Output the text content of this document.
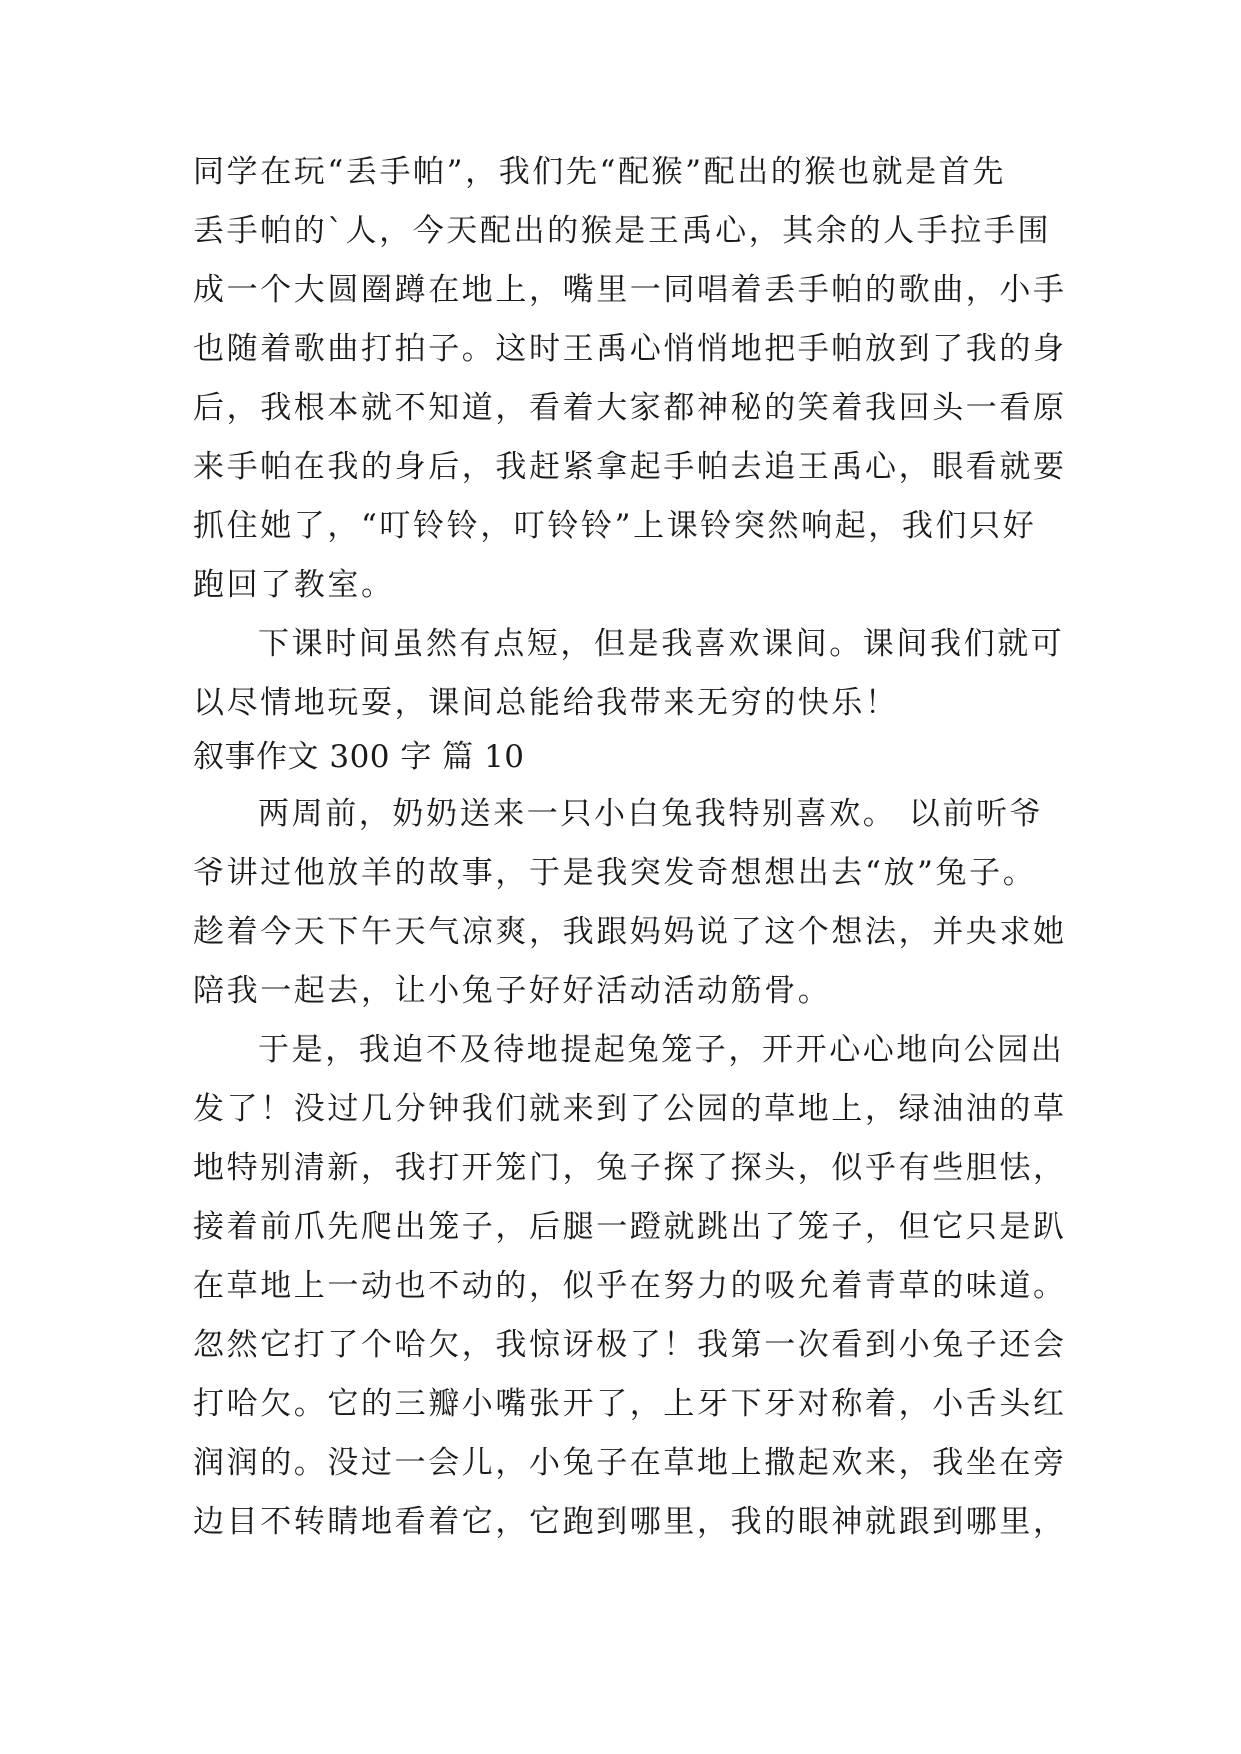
同学在玩“丢手帕”，我们先“配猴”配出的猴也就是首先
丢手帕的`人，今天配出的猴是王禹心，其余的人手拉手围
成一个大圆圈蹲在地上，嘴里一同唱着丢手帕的歌曲，小手
也随着歌曲打拍子。这时王禹心悄悄地把手帕放到了我的身
后，我根本就不知道，看着大家都神秘的笑着我回头一看原
来手帕在我的身后，我赶紧拿起手帕去追王禹心，眼看就要
抓住她了，“叮铃铃，叮铃铃”上课铃突然响起，我们只好
跑回了教室。
下课时间虽然有点短，但是我喜欢课间。课间我们就可
以尽情地玩耍，课间总能给我带来无穷的快乐！
叙事作文 300 字 篇 10
两周前，奶奶送来一只小白兔我特别喜欢。 以前听爷
爷讲过他放羊的故事，于是我突发奇想想出去“放”兔子。
趁着今天下午天气凉爽，我跟妈妈说了这个想法，并央求她
陪我一起去，让小兔子好好活动活动筋骨。
于是，我迫不及待地提起兔笼子，开开心心地向公园出
发了！没过几分钟我们就来到了公园的草地上，绿油油的草
地特别清新，我打开笼门，兔子探了探头，似乎有些胆怯，
接着前爪先爬出笼子，后腿一蹬就跳出了笼子，但它只是趴
在草地上一动也不动的，似乎在努力的吸允着青草的味道。
忽然它打了个哈欠，我惊讶极了！我第一次看到小兔子还会
打哈欠。它的三瓣小嘴张开了，上牙下牙对称着，小舌头红
润润的。没过一会儿，小兔子在草地上撒起欢来，我坐在旁
边目不转睛地看着它，它跑到哪里，我的眼神就跟到哪里，
